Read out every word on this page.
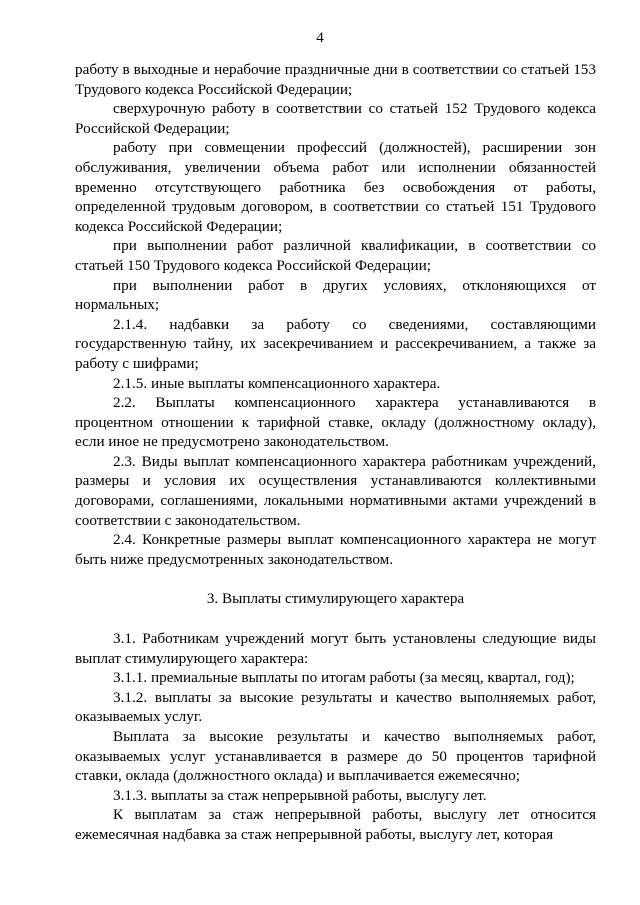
4

работу в выходные и нерабочие праздничные дни в соответствии со статьей 153 Трудового кодекса Российской Федерации;

сверхурочную работу в соответствии со статьей 152 Трудового кодекса Российской Федерации;

работу при совмещении профессий (должностей), расширении зон обслуживания, увеличении объема работ или исполнении обязанностей временно отсутствующего работника без освобождения от работы, определенной трудовым договором, в соответствии со статьей 151 Трудового кодекса Российской Федерации;

при выполнении работ различной квалификации, в соответствии со статьей 150 Трудового кодекса Российской Федерации;

при выполнении работ в других условиях, отклоняющихся от нормальных;

2.1.4. надбавки за работу со сведениями, составляющими государственную тайну, их засекречиванием и рассекречиванием, а также за работу с шифрами;

2.1.5. иные выплаты компенсационного характера.

2.2. Выплаты компенсационного характера устанавливаются в процентном отношении к тарифной ставке, окладу (должностному окладу), если иное не предусмотрено законодательством.

2.3. Виды выплат компенсационного характера работникам учреждений, размеры и условия их осуществления устанавливаются коллективными договорами, соглашениями, локальными нормативными актами учреждений в соответствии с законодательством.

2.4. Конкретные размеры выплат компенсационного характера не могут быть ниже предусмотренных законодательством.

3. Выплаты стимулирующего характера

3.1. Работникам учреждений могут быть установлены следующие виды выплат стимулирующего характера:

3.1.1. премиальные выплаты по итогам работы (за месяц, квартал, год);

3.1.2. выплаты за высокие результаты и качество выполняемых работ, оказываемых услуг.

Выплата за высокие результаты и качество выполняемых работ, оказываемых услуг устанавливается в размере до 50 процентов тарифной ставки, оклада (должностного оклада) и выплачивается ежемесячно;

3.1.3. выплаты за стаж непрерывной работы, выслугу лет.

К выплатам за стаж непрерывной работы, выслугу лет относится ежемесячная надбавка за стаж непрерывной работы, выслугу лет, которая
